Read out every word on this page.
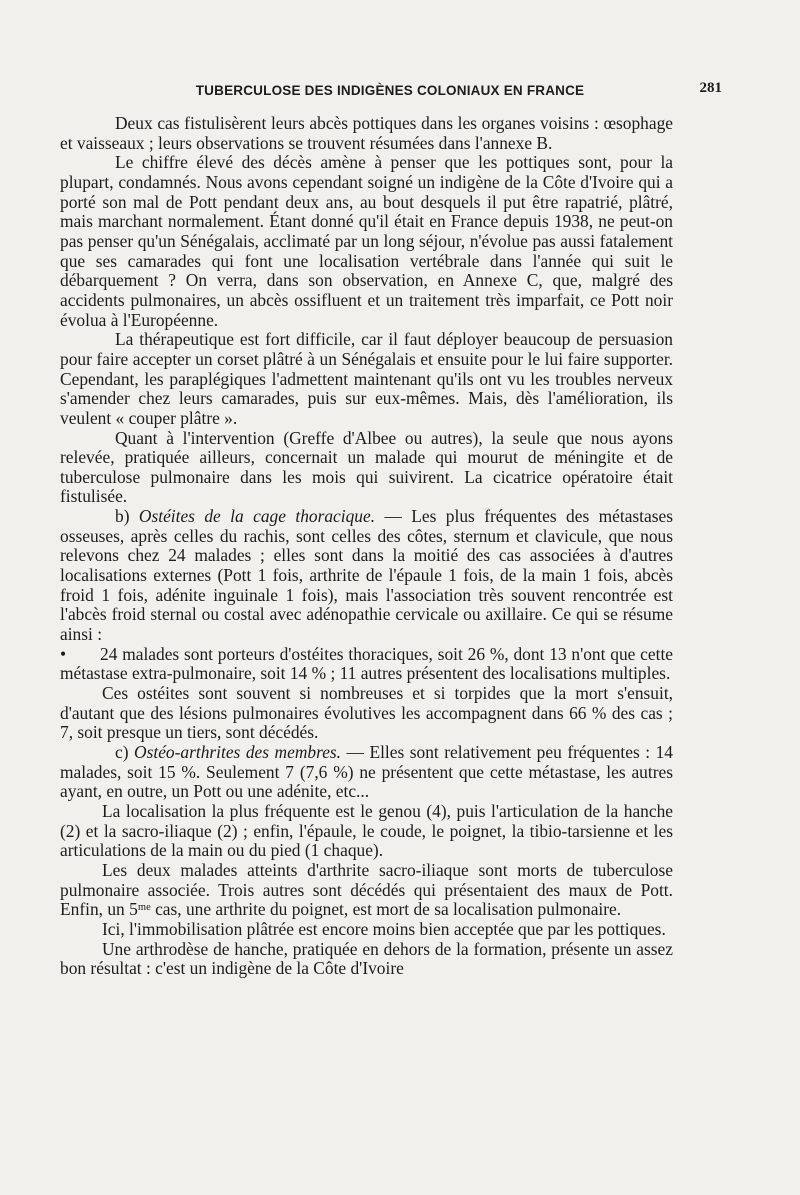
TUBERCULOSE DES INDIGÈNES COLONIAUX EN FRANCE	281

Deux cas fistulisèrent leurs abcès pottiques dans les organes voisins : œsophage et vaisseaux ; leurs observations se trouvent résumées dans l'annexe B.

Le chiffre élevé des décès amène à penser que les pottiques sont, pour la plupart, condamnés. Nous avons cependant soigné un indigène de la Côte d'Ivoire qui a porté son mal de Pott pendant deux ans, au bout desquels il put être rapatrié, plâtré, mais marchant normalement. Étant donné qu'il était en France depuis 1938, ne peut-on pas penser qu'un Sénégalais, acclimaté par un long séjour, n'évolue pas aussi fatalement que ses camarades qui font une localisation vertébrale dans l'année qui suit le débarquement ? On verra, dans son observation, en Annexe C, que, malgré des accidents pulmonaires, un abcès ossifluent et un traitement très imparfait, ce Pott noir évolua à l'Européenne.

La thérapeutique est fort difficile, car il faut déployer beaucoup de persuasion pour faire accepter un corset plâtré à un Sénégalais et ensuite pour le lui faire supporter. Cependant, les paraplégiques l'admettent maintenant qu'ils ont vu les troubles nerveux s'amender chez leurs camarades, puis sur eux-mêmes. Mais, dès l'amélioration, ils veulent « couper plâtre ».

Quant à l'intervention (Greffe d'Albee ou autres), la seule que nous ayons relevée, pratiquée ailleurs, concernait un malade qui mourut de méningite et de tuberculose pulmonaire dans les mois qui suivirent. La cicatrice opératoire était fistulisée.

b) Ostéites de la cage thoracique. — Les plus fréquentes des métastases osseuses, après celles du rachis, sont celles des côtes, sternum et clavicule, que nous relevons chez 24 malades ; elles sont dans la moitié des cas associées à d'autres localisations externes (Pott 1 fois, arthrite de l'épaule 1 fois, de la main 1 fois, abcès froid 1 fois, adénite inguinale 1 fois), mais l'association très souvent rencontrée est l'abcès froid sternal ou costal avec adénopathie cervicale ou axillaire. Ce qui se résume ainsi :

• 24 malades sont porteurs d'ostéites thoraciques, soit 26 %, dont 13 n'ont que cette métastase extra-pulmonaire, soit 14 % ; 11 autres présentent des localisations multiples.

Ces ostéites sont souvent si nombreuses et si torpides que la mort s'ensuit, d'autant que des lésions pulmonaires évolutives les accompagnent dans 66 % des cas ; 7, soit presque un tiers, sont décédés.

c) Ostéo-arthrites des membres. — Elles sont relativement peu fréquentes : 14 malades, soit 15 %. Seulement 7 (7,6 %) ne présentent que cette métastase, les autres ayant, en outre, un Pott ou une adénite, etc...

La localisation la plus fréquente est le genou (4), puis l'articulation de la hanche (2) et la sacro-iliaque (2) ; enfin, l'épaule, le coude, le poignet, la tibio-tarsienne et les articulations de la main ou du pied (1 chaque).

Les deux malades atteints d'arthrite sacro-iliaque sont morts de tuberculose pulmonaire associée. Trois autres sont décédés qui présentaient des maux de Pott. Enfin, un 5ᵐᵉ cas, une arthrite du poignet, est mort de sa localisation pulmonaire.

Ici, l'immobilisation plâtrée est encore moins bien acceptée que par les pottiques.

Une arthrodèse de hanche, pratiquée en dehors de la formation, présente un assez bon résultat : c'est un indigène de la Côte d'Ivoire
